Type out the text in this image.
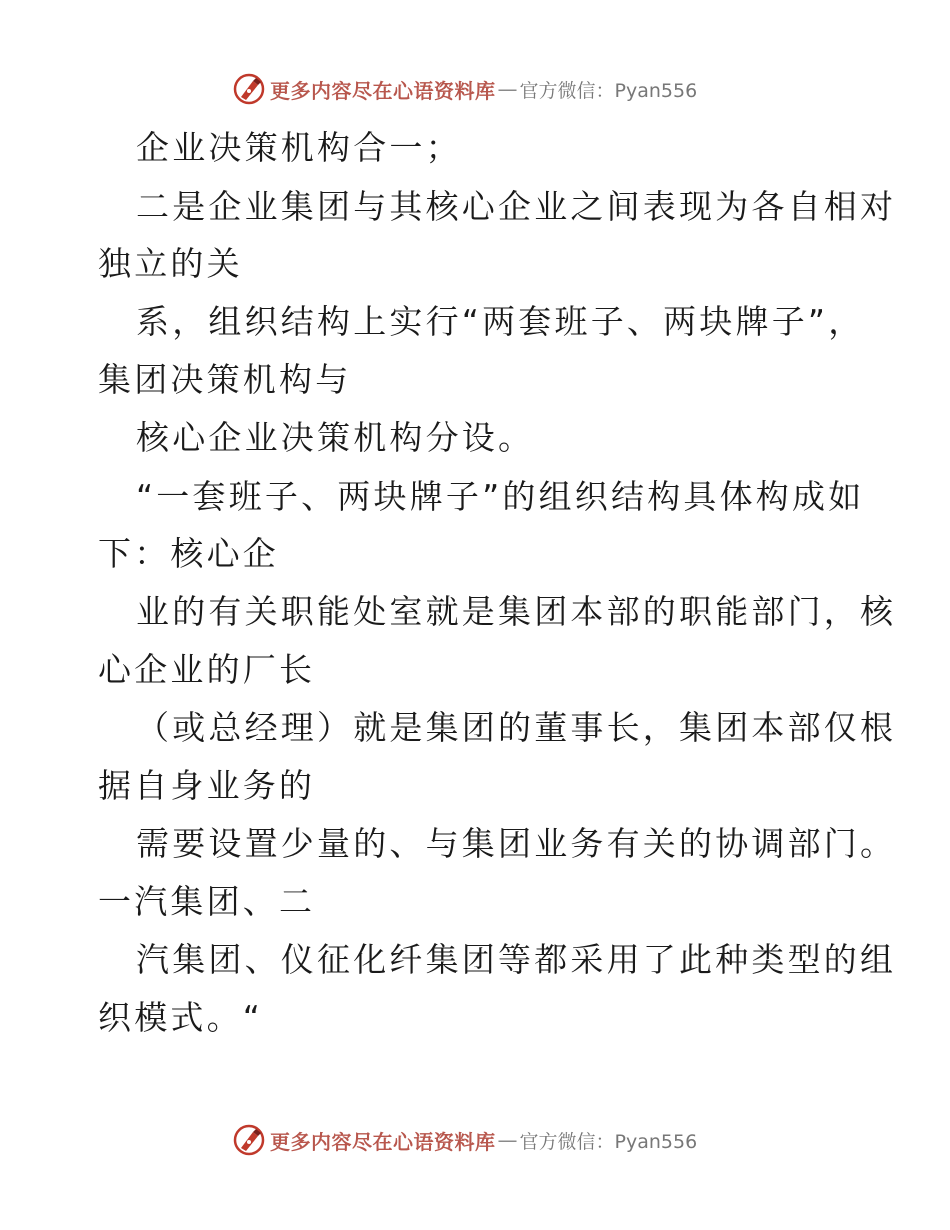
更多内容尽在心语资料库 — 官方微信：Pyan556
企业决策机构合一；
二是企业集团与其核心企业之间表现为各自相对
独立的关
系，组织结构上实行“两套班子、两块牌子”，
集团决策机构与
核心企业决策机构分设。
“一套班子、两块牌子”的组织结构具体构成如
下：核心企
业的有关职能处室就是集团本部的职能部门，核
心企业的厂长
（或总经理）就是集团的董事长，集团本部仅根
据自身业务的
需要设置少量的、与集团业务有关的协调部门。
一汽集团、二
汽集团、仪征化纤集团等都采用了此种类型的组
织模式。“
更多内容尽在心语资料库 — 官方微信：Pyan556
